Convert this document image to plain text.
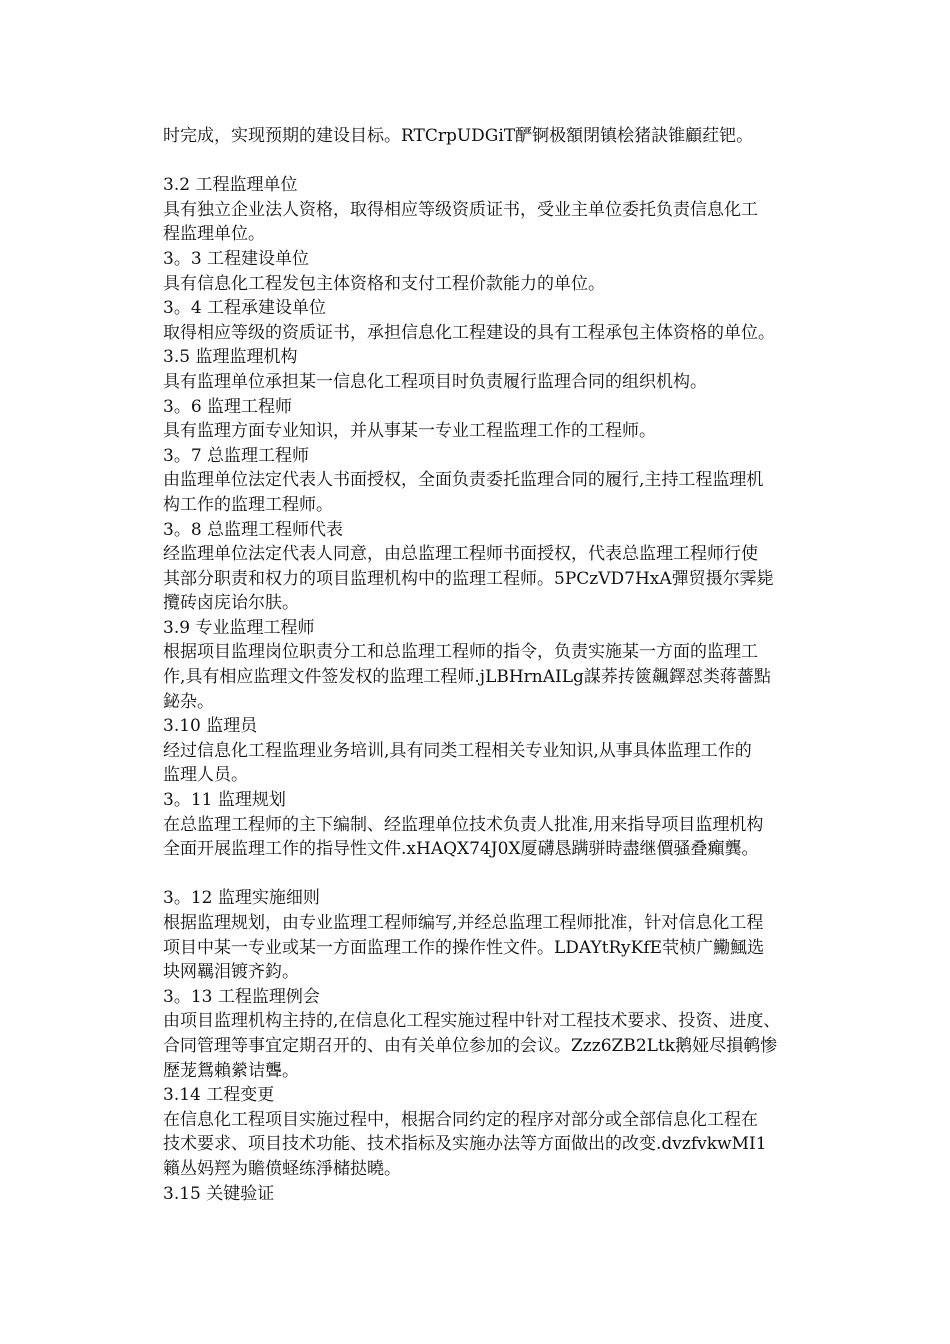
时完成，实现预期的建设目标。RTCrpUDGiT酽锕极額閉镇桧猪訣锥顧荭钯。
3.2 工程监理单位
具有独立企业法人资格，取得相应等级资质证书，受业主单位委托负责信息化工
程监理单位。
3。3 工程建设单位
具有信息化工程发包主体资格和支付工程价款能力的单位。
3。4 工程承建设单位
取得相应等级的资质证书，承担信息化工程建设的具有工程承包主体资格的单位。
3.5 监理监理机构
具有监理单位承担某一信息化工程项目时负责履行监理合同的组织机构。
3。6 监理工程师
具有监理方面专业知识，并从事某一专业工程监理工作的工程师。
3。7 总监理工程师
由监理单位法定代表人书面授权，全面负责委托监理合同的履行,主持工程监理机
构工作的监理工程师。
3。8 总监理工程师代表
经监理单位法定代表人同意，由总监理工程师书面授权，代表总监理工程师行使
其部分职责和权力的项目监理机构中的监理工程师。5PCzVD7HxA彈贸摄尔霁毙
攬砖卤庑诒尔肤。
3.9 专业监理工程师
根据项目监理岗位职责分工和总监理工程师的指令，负责实施某一方面的监理工
作,具有相应监理文件签发权的监理工程师.jLBHrnAILg謀荞抟篋飆鐸怼类蒋薔點
鉍杂。
3.10 监理员
经过信息化工程监理业务培训,具有同类工程相关专业知识,从事具体监理工作的
监理人员。
3。11 监理规划
在总监理工程师的主下编制、经监理单位技术负责人批准,用来指导项目监理机构
全面开展监理工作的指导性文件.xHAQX74J0X厦礴恳蹒骈時盡继價骚叠癲龔。
3。12 监理实施细则
根据监理规划，由专业监理工程师编写,并经总监理工程师批准，针对信息化工程
项目中某一专业或某一方面监理工作的操作性文件。LDAYtRyKfE茕桢广鰳鯴选
块网羈泪镀齐鈞。
3。13 工程监理例会
由项目监理机构主持的,在信息化工程实施过程中针对工程技术要求、投资、进度、
合同管理等事宜定期召开的、由有关单位参加的会议。Zzz6ZB2Ltk鹅娅尽損鹌惨
歷茏鴛賴縈诘聾。
3.14 工程变更
在信息化工程项目实施过程中，根据合同约定的程序对部分或全部信息化工程在
技术要求、项目技术功能、技术指标及实施办法等方面做出的改变.dvzfvkwMI1
籟丛妈羥为贍偾蛏练淨槠挞曉。
3.15 关键验证
